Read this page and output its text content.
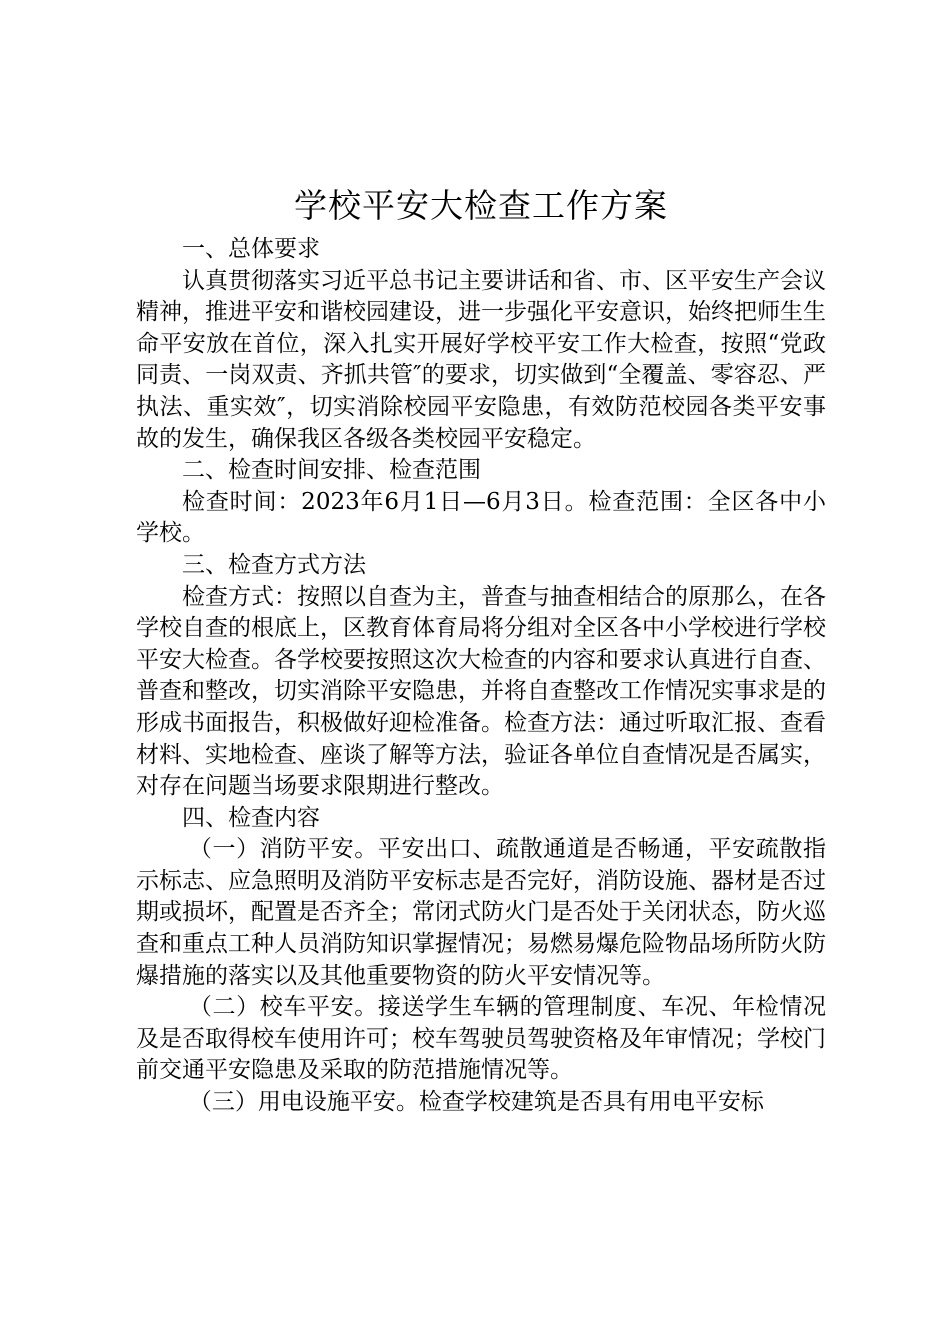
学校平安大检查工作方案

一、总体要求

认真贯彻落实习近平总书记主要讲话和省、市、区平安生产会议精神，推进平安和谐校园建设，进一步强化平安意识，始终把师生生命平安放在首位，深入扎实开展好学校平安工作大检查，按照“党政同责、一岗双责、齐抓共管″的要求，切实做到“全覆盖、零容忍、严执法、重实效″，切实消除校园平安隐患，有效防范校园各类平安事故的发生，确保我区各级各类校园平安稳定。

二、检查时间安排、检查范围

检查时间：2023年6月1日—6月3日。检查范围：全区各中小学校。

三、检查方式方法

检查方式：按照以自查为主，普查与抽查相结合的原那么，在各学校自查的根底上，区教育体育局将分组对全区各中小学校进行学校平安大检查。各学校要按照这次大检查的内容和要求认真进行自查、普查和整改，切实消除平安隐患，并将自查整改工作情况实事求是的形成书面报告，积极做好迎检准备。检查方法：通过听取汇报、查看材料、实地检查、座谈了解等方法，验证各单位自查情况是否属实，对存在问题当场要求限期进行整改。

四、检查内容

（一）消防平安。平安出口、疏散通道是否畅通，平安疏散指示标志、应急照明及消防平安标志是否完好，消防设施、器材是否过期或损坏，配置是否齐全；常闭式防火门是否处于关闭状态，防火巡查和重点工种人员消防知识掌握情况；易燃易爆危险物品场所防火防爆措施的落实以及其他重要物资的防火平安情况等。

（二）校车平安。接送学生车辆的管理制度、车况、年检情况及是否取得校车使用许可；校车驾驶员驾驶资格及年审情况；学校门前交通平安隐患及采取的防范措施情况等。

（三）用电设施平安。检查学校建筑是否具有用电平安标
